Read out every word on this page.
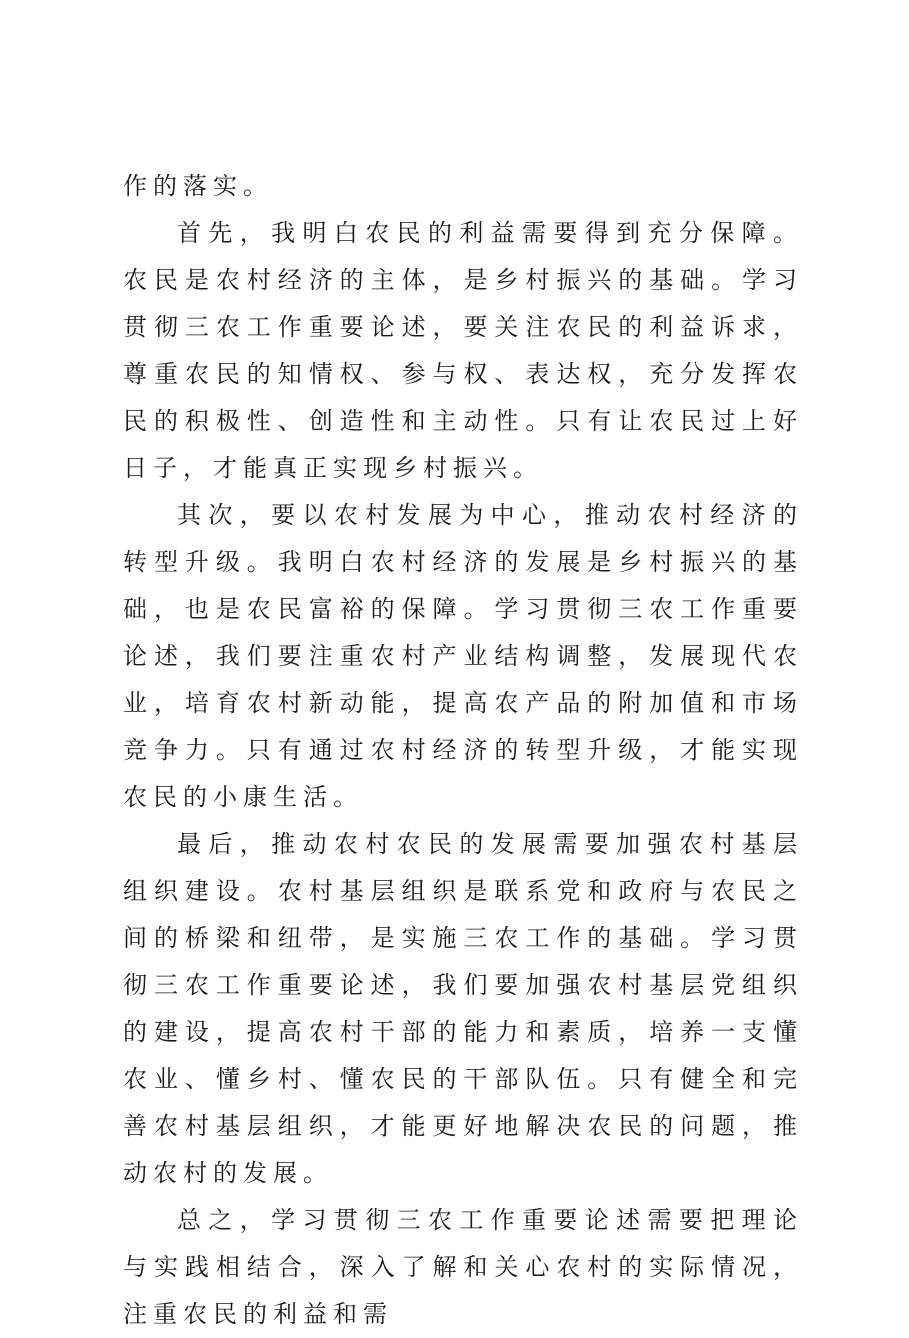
作的落实。

首先，我明白农民的利益需要得到充分保障。农民是农村经济的主体，是乡村振兴的基础。学习贯彻三农工作重要论述，要关注农民的利益诉求，尊重农民的知情权、参与权、表达权，充分发挥农民的积极性、创造性和主动性。只有让农民过上好日子，才能真正实现乡村振兴。

其次，要以农村发展为中心，推动农村经济的转型升级。我明白农村经济的发展是乡村振兴的基础，也是农民富裕的保障。学习贯彻三农工作重要论述，我们要注重农村产业结构调整，发展现代农业，培育农村新动能，提高农产品的附加值和市场竞争力。只有通过农村经济的转型升级，才能实现农民的小康生活。

最后，推动农村农民的发展需要加强农村基层组织建设。农村基层组织是联系党和政府与农民之间的桥梁和纽带，是实施三农工作的基础。学习贯彻三农工作重要论述，我们要加强农村基层党组织的建设，提高农村干部的能力和素质，培养一支懂农业、懂乡村、懂农民的干部队伍。只有健全和完善农村基层组织，才能更好地解决农民的问题，推动农村的发展。

总之，学习贯彻三农工作重要论述需要把理论与实践相结合，深入了解和关心农村的实际情况，注重农民的利益和需
